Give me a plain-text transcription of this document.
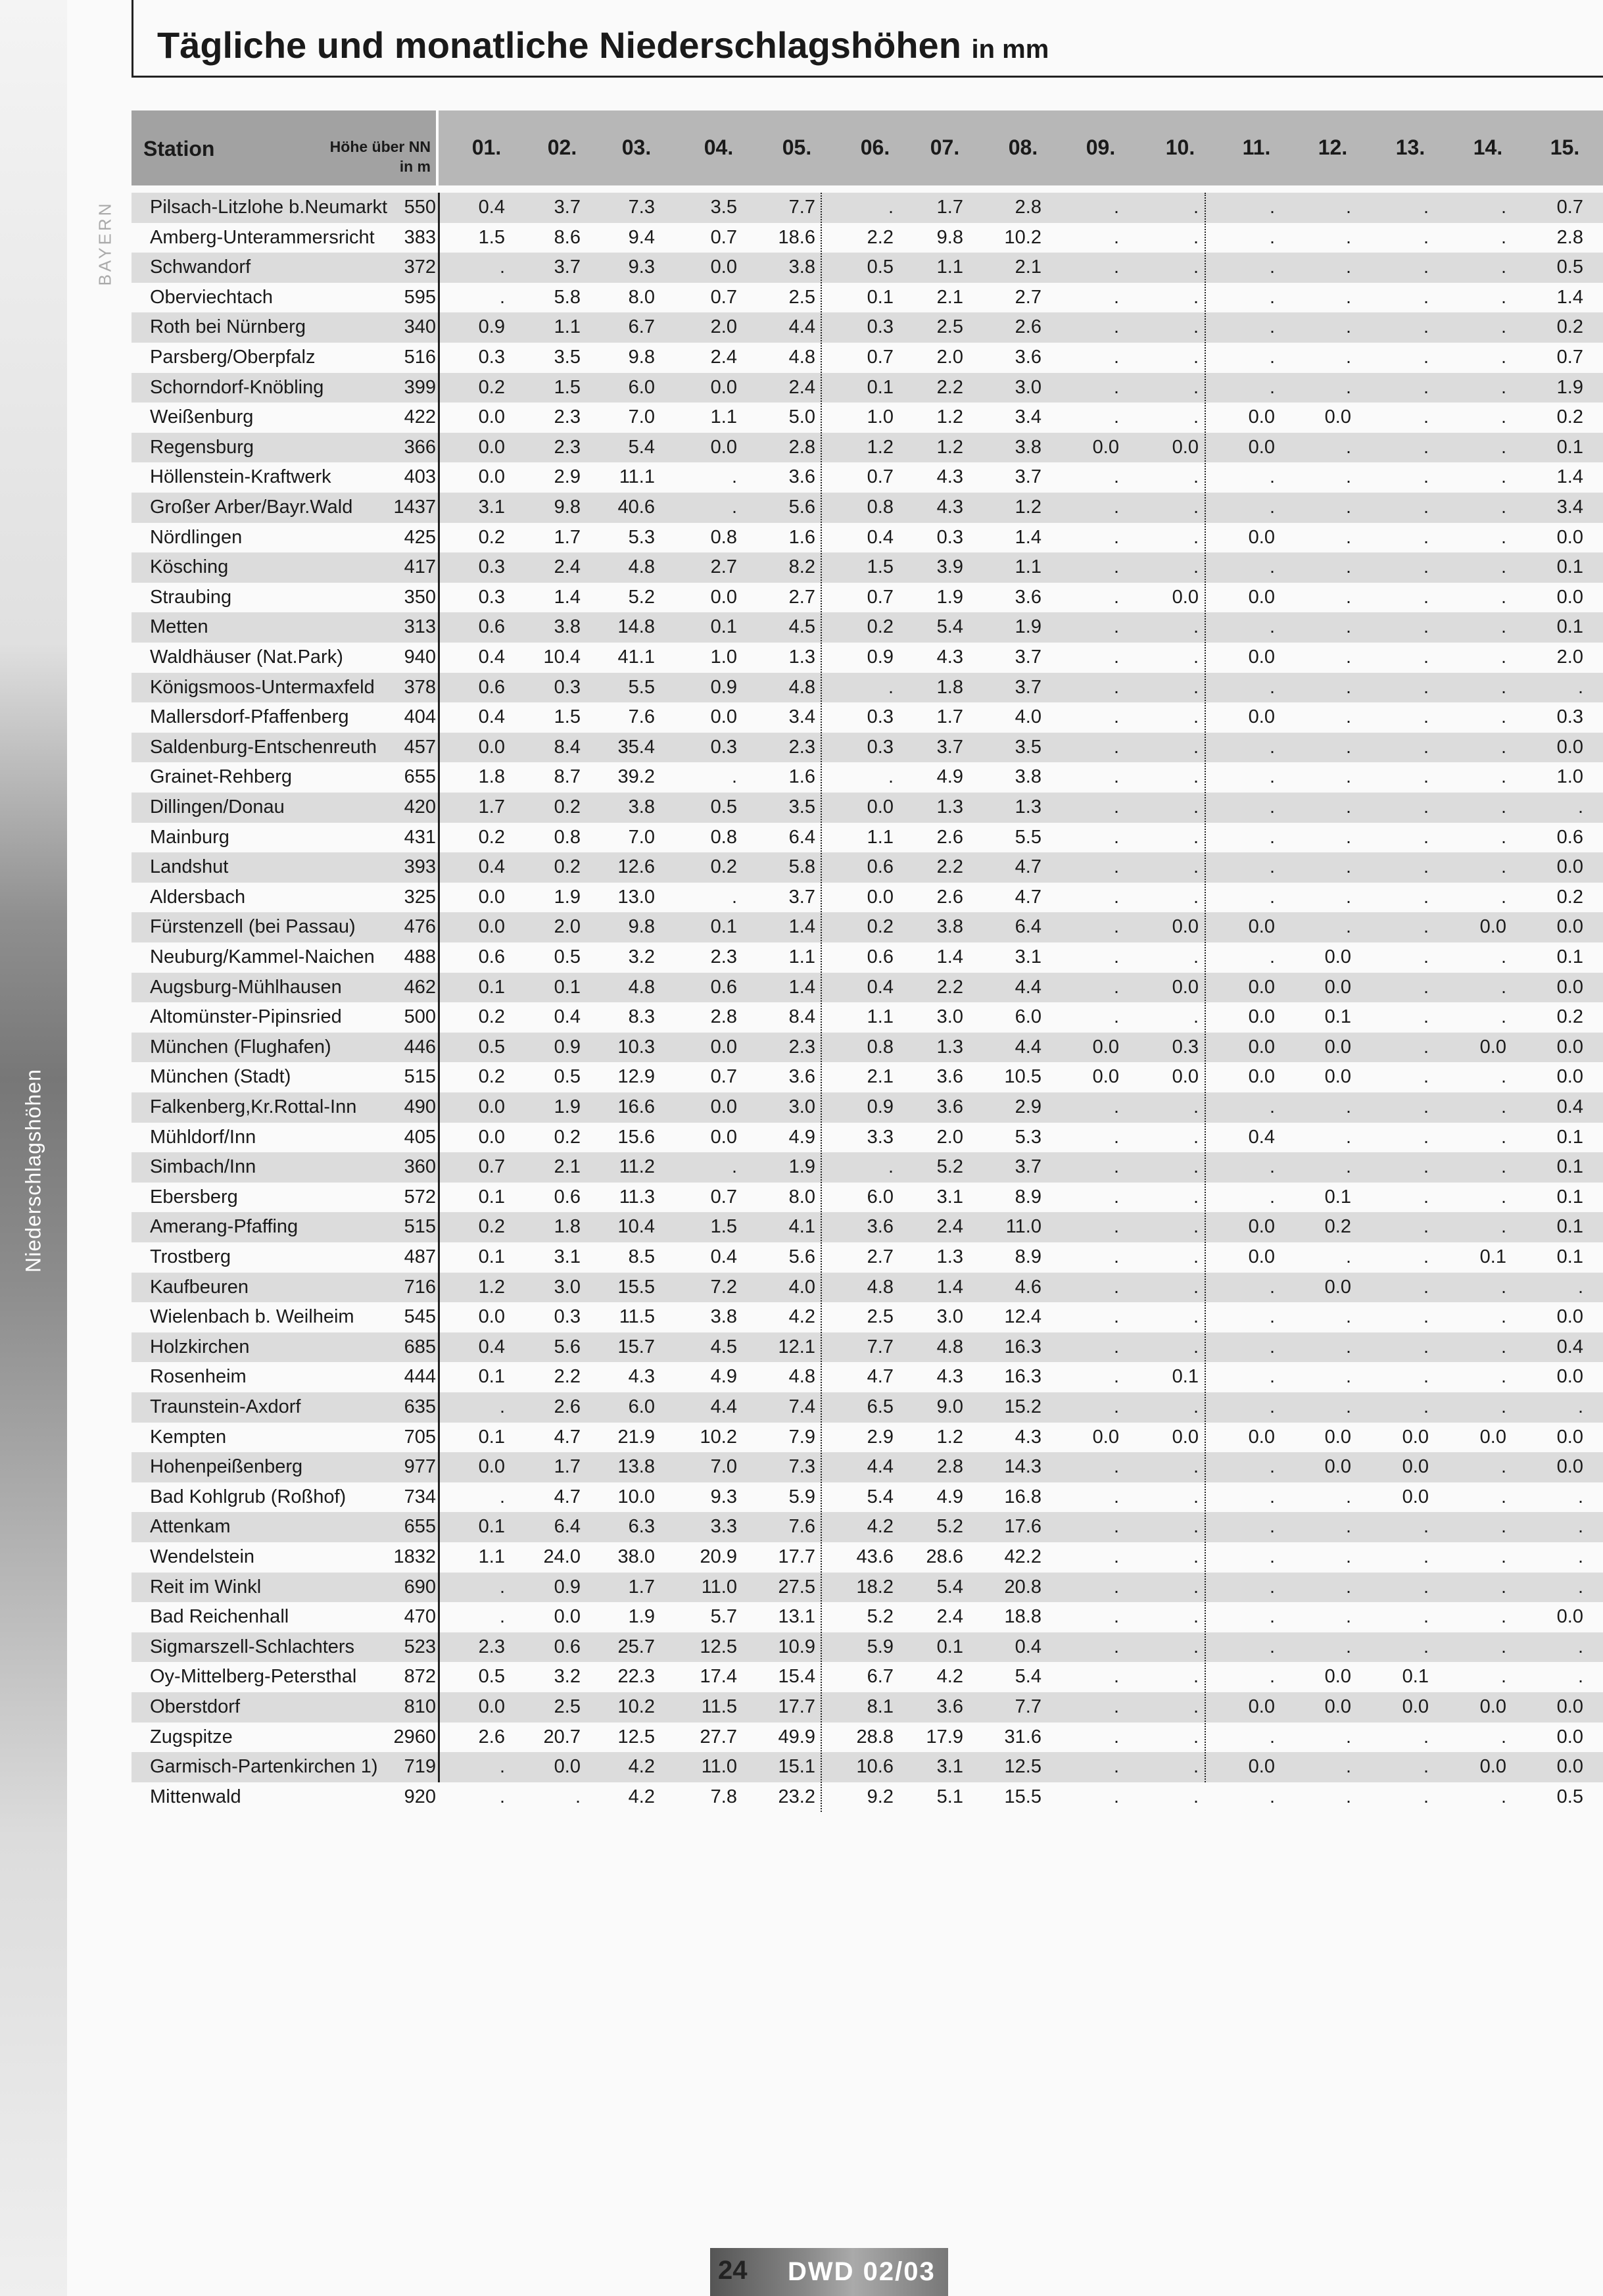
Niederschlagshöhen
BAYERN
Tägliche und monatliche Niederschlagshöhen in mm
Station	Höhe über NN
in m
01.	02.	03.	04.	05.	06.	07.	08.	09.	10.	11.	12.	13.	14.	15.
Pilsach-Litzlohe b.Neumarkt 550	0.4	3.7	7.3	3.5	7.7	.	1.7	2.8	.	.	.	.	.	.	0.7
Amberg-Unterammersricht 383	1.5	8.6	9.4	0.7	18.6	2.2	9.8	10.2	.	.	.	.	.	.	2.8
Schwandorf	372	.	3.7	9.3	0.0	3.8	0.5	1.1	2.1	.	.	.	.	.	.	0.5
Oberviechtach	595	.	5.8	8.0	0.7	2.5	0.1	2.1	2.7	.	.	.	.	.	.	1.4
Roth bei Nürnberg	340	0.9	1.1	6.7	2.0	4.4	0.3	2.5	2.6	.	.	.	.	.	.	0.2
Parsberg/Oberpfalz	516	0.3	3.5	9.8	2.4	4.8	0.7	2.0	3.6	.	.	.	.	.	.	0.7
Schorndorf-Knöbling	399	0.2	1.5	6.0	0.0	2.4	0.1	2.2	3.0	.	.	.	.	.	.	1.9
Weißenburg	422	0.0	2.3	7.0	1.1	5.0	1.0	1.2	3.4	.	.	0.0	0.0	.	.	0.2
Regensburg	366	0.0	2.3	5.4	0.0	2.8	1.2	1.2	3.8	0.0	0.0	0.0	.	.	.	0.1
Höllenstein-Kraftwerk	403	0.0	2.9	11.1	.	3.6	0.7	4.3	3.7	.	.	.	.	.	.	1.4
Großer Arber/Bayr.Wald 1437	3.1	9.8	40.6	.	5.6	0.8	4.3	1.2	.	.	.	.	.	.	3.4
Nördlingen	425	0.2	1.7	5.3	0.8	1.6	0.4	0.3	1.4	.	.	0.0	.	.	.	0.0
Kösching	417	0.3	2.4	4.8	2.7	8.2	1.5	3.9	1.1	.	.	.	.	.	.	0.1
Straubing	350	0.3	1.4	5.2	0.0	2.7	0.7	1.9	3.6	.	0.0	0.0	.	.	.	0.0
Metten	313	0.6	3.8	14.8	0.1	4.5	0.2	5.4	1.9	.	.	.	.	.	.	0.1
Waldhäuser (Nat.Park)	940	0.4	10.4	41.1	1.0	1.3	0.9	4.3	3.7	.	.	0.0	.	.	.	2.0
Königsmoos-Untermaxfeld 378	0.6	0.3	5.5	0.9	4.8	.	1.8	3.7	.	.	.	.	.	.	.
Mallersdorf-Pfaffenberg	404	0.4	1.5	7.6	0.0	3.4	0.3	1.7	4.0	.	.	0.0	.	.	.	0.3
Saldenburg-Entschenreuth 457	0.0	8.4	35.4	0.3	2.3	0.3	3.7	3.5	.	.	.	.	.	.	0.0
Grainet-Rehberg	655	1.8	8.7	39.2	.	1.6	.	4.9	3.8	.	.	.	.	.	.	1.0
Dillingen/Donau	420	1.7	0.2	3.8	0.5	3.5	0.0	1.3	1.3	.	.	.	.	.	.	.
Mainburg	431	0.2	0.8	7.0	0.8	6.4	1.1	2.6	5.5	.	.	.	.	.	.	0.6
Landshut	393	0.4	0.2	12.6	0.2	5.8	0.6	2.2	4.7	.	.	.	.	.	.	0.0
Aldersbach	325	0.0	1.9	13.0	.	3.7	0.0	2.6	4.7	.	.	.	.	.	.	0.2
Fürstenzell (bei Passau)	476	0.0	2.0	9.8	0.1	1.4	0.2	3.8	6.4	.	0.0	0.0	.	.	0.0	0.0
Neuburg/Kammel-Naichen 488	0.6	0.5	3.2	2.3	1.1	0.6	1.4	3.1	.	.	.	0.0	.	.	0.1
Augsburg-Mühlhausen	462	0.1	0.1	4.8	0.6	1.4	0.4	2.2	4.4	.	0.0	0.0	0.0	.	.	0.0
Altomünster-Pipinsried	500	0.2	0.4	8.3	2.8	8.4	1.1	3.0	6.0	.	.	0.0	0.1	.	.	0.2
München (Flughafen)	446	0.5	0.9	10.3	0.0	2.3	0.8	1.3	4.4	0.0	0.3	0.0	0.0	.	0.0	0.0
München (Stadt)	515	0.2	0.5	12.9	0.7	3.6	2.1	3.6	10.5	0.0	0.0	0.0	0.0	.	.	0.0
Falkenberg,Kr.Rottal-Inn 490	0.0	1.9	16.6	0.0	3.0	0.9	3.6	2.9	.	.	.	.	.	.	0.4
Mühldorf/Inn	405	0.0	0.2	15.6	0.0	4.9	3.3	2.0	5.3	.	.	0.4	.	.	.	0.1
Simbach/Inn	360	0.7	2.1	11.2	.	1.9	.	5.2	3.7	.	.	.	.	.	.	0.1
Ebersberg	572	0.1	0.6	11.3	0.7	8.0	6.0	3.1	8.9	.	.	.	0.1	.	.	0.1
Amerang-Pfaffing	515	0.2	1.8	10.4	1.5	4.1	3.6	2.4	11.0	.	.	0.0	0.2	.	.	0.1
Trostberg	487	0.1	3.1	8.5	0.4	5.6	2.7	1.3	8.9	.	.	0.0	.	.	0.1	0.1
Kaufbeuren	716	1.2	3.0	15.5	7.2	4.0	4.8	1.4	4.6	.	.	.	0.0	.	.	.
Wielenbach b. Weilheim	545	0.0	0.3	11.5	3.8	4.2	2.5	3.0	12.4	.	.	.	.	.	.	0.0
Holzkirchen	685	0.4	5.6	15.7	4.5	12.1	7.7	4.8	16.3	.	.	.	.	.	.	0.4
Rosenheim	444	0.1	2.2	4.3	4.9	4.8	4.7	4.3	16.3	.	0.1	.	.	.	.	0.0
Traunstein-Axdorf	635	.	2.6	6.0	4.4	7.4	6.5	9.0	15.2	.	.	.	.	.	.	.
Kempten	705	0.1	4.7	21.9	10.2	7.9	2.9	1.2	4.3	0.0	0.0	0.0	0.0	0.0	0.0	0.0
Hohenpeißenberg	977	0.0	1.7	13.8	7.0	7.3	4.4	2.8	14.3	.	.	.	0.0	0.0	.	0.0
Bad Kohlgrub (Roßhof)	734	.	4.7	10.0	9.3	5.9	5.4	4.9	16.8	.	.	.	.	0.0	.	.
Attenkam	655	0.1	6.4	6.3	3.3	7.6	4.2	5.2	17.6	.	.	.	.	.	.	.
Wendelstein	1832	1.1	24.0	38.0	20.9	17.7	43.6	28.6	42.2	.	.	.	.	.	.	.
Reit im Winkl	690	.	0.9	1.7	11.0	27.5	18.2	5.4	20.8	.	.	.	.	.	.	.
Bad Reichenhall	470	.	0.0	1.9	5.7	13.1	5.2	2.4	18.8	.	.	.	.	.	.	0.0
Sigmarszell-Schlachters	523	2.3	0.6	25.7	12.5	10.9	5.9	0.1	0.4	.	.	.	.	.	.	.
Oy-Mittelberg-Petersthal 872	0.5	3.2	22.3	17.4	15.4	6.7	4.2	5.4	.	.	.	0.0	0.1	.	.
Oberstdorf	810	0.0	2.5	10.2	11.5	17.7	8.1	3.6	7.7	.	.	0.0	0.0	0.0	0.0	0.0
Zugspitze	2960	2.6	20.7	12.5	27.7	49.9	28.8	17.9	31.6	.	.	.	.	.	.	0.0
Garmisch-Partenkirchen 1) 719	.	0.0	4.2	11.0	15.1	10.6	3.1	12.5	.	.	0.0	.	.	0.0	0.0
Mittenwald	920	.	.	4.2	7.8	23.2	9.2	5.1	15.5	.	.	.	.	.	.	0.5
24 DWD 02/03
